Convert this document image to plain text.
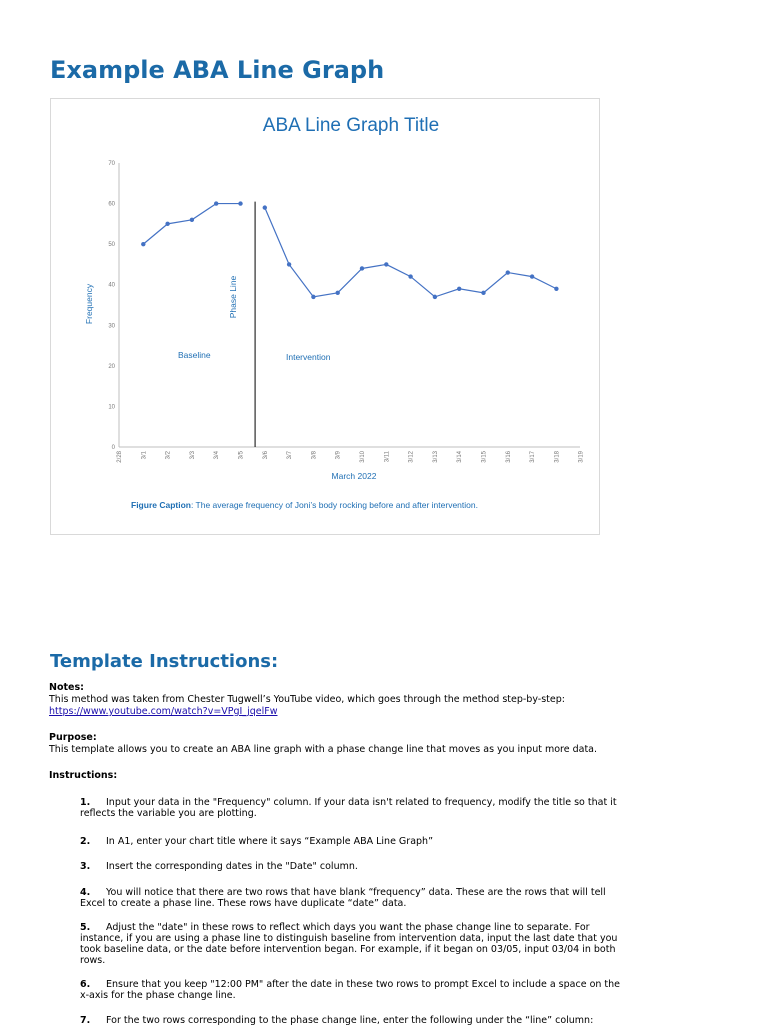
Example ABA Line Graph
ABA Line Graph Title
0
10
20
30
40
50
60
70
2/28	3/1	3/2	3/3	3/4	3/5	3/6	3/7	3/8	3/9	3/10	3/11	3/12	3/13	3/14	3/15	3/16	3/17	3/18	3/19
Frequency	Phase Line
Baseline	Intervention
March 2022
Figure Caption: The average frequency of Joni’s body rocking before and after intervention.
Template Instructions:

Notes:

This method was taken from Chester Tugwell’s YouTube video, which goes through the method step-by-step:

https://www.youtube.com/watch?v=VPgI_jqelFw

Purpose:

This template allows you to create an ABA line graph with a phase change line that moves as you input more data.

Instructions:

1. Input your data in the "Frequency" column. If your data isn't related to frequency, modify the title so that it reflects the variable you are plotting.

2. In A1, enter your chart title where it says “Example ABA Line Graph”

3. Insert the corresponding dates in the "Date" column.

4. You will notice that there are two rows that have blank “frequency” data. These are the rows that will tell Excel to create a phase line. These rows have duplicate “date” data.

5. Adjust the "date" in these rows to reflect which days you want the phase change line to separate. For instance, if you are using a phase line to distinguish baseline from intervention data, input the last date that you took baseline data, or the date before intervention began. For example, if it began on 03/05, input 03/04 in both rows.

6. Ensure that you keep "12:00 PM" after the date in these two rows to prompt Excel to include a space on the x-axis for the phase change line.

7. For the two rows corresponding to the phase change line, enter the following under the “line” column:
